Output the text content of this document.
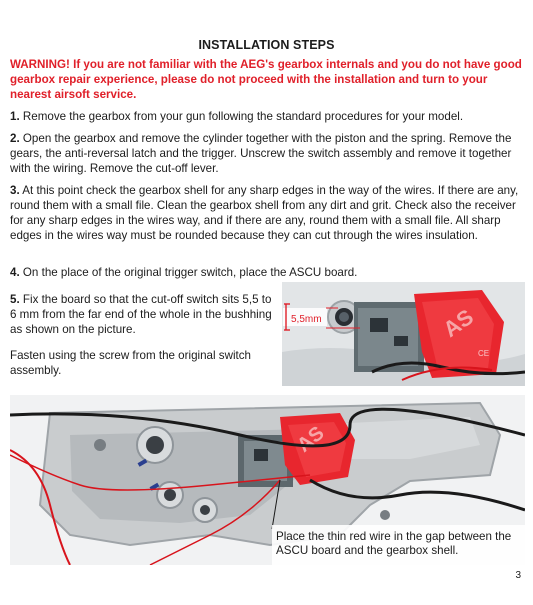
INSTALLATION STEPS
WARNING! If you are not familiar with the AEG's gearbox internals and you do not have good gearbox repair experience, please do not proceed with the installation and turn to your nearest airsoft service.
1. Remove the gearbox from your gun following the standard procedures for your model.
2. Open the gearbox and remove the cylinder together with the piston and the spring. Remove the gears, the anti-reversal latch and the trigger. Unscrew the switch assembly and remove it together with the wiring. Remove the cut-off lever.
3. At this point check the gearbox shell for any sharp edges in the way of the wires. If there are any, round them with a small file. Clean the gearbox shell from any dirt and grit. Check also the receiver for any sharp edges in the wires way, and if there are any, round them with a small file. All sharp edges in the wires way must be rounded because they can cut through the wires insulation.
4. On the place of the original trigger switch, place the ASCU board.
5. Fix the board so that the cut-off switch sits 5,5 to 6 mm from the far end of the whole in the bushhing as shown on the picture.
Fasten using the screw from the original switch assembly.
AS
CE
5,5mm
AS
Place the thin red wire in the gap between the ASCU board and the gearbox shell.
3
